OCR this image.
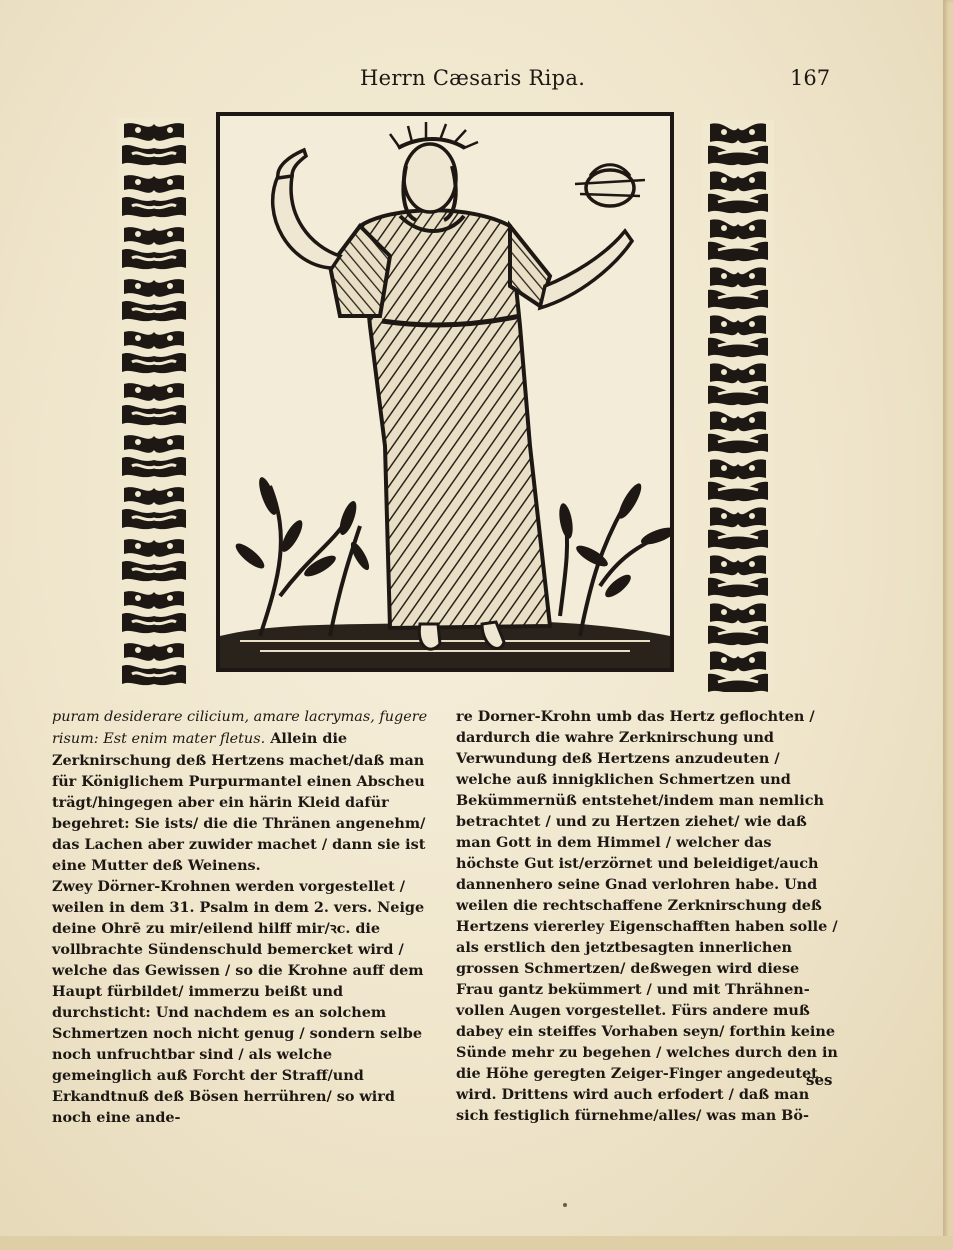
Herrn Cæsaris Ripa.	167

puram desiderare cilicium, amare lacrymas, fugere
risum: Est enim mater fletus. Allein die Zerknirschung deß Hertzens machet/daß man für Königlichem Purpurmantel einen Abscheu trägt/hingegen aber ein härin Kleid dafür begehret: Sie ists/ die die Thränen angenehm/ das Lachen aber zuwider machet / dann sie ist eine Mutter deß Weinens.

Zwey Dörner-Krohnen werden vorgestellet / weilen in dem 31. Psalm in dem 2. vers. Neige deine Ohrē zu mir/eilend hilff mir/ꝛc. die vollbrachte Sündenschuld bemercket wird / welche das Gewissen / so die Krohne auff dem Haupt fürbildet/ immerzu beißt und durchsticht: Und nachdem es an solchem Schmertzen noch nicht genug / sondern selbe noch unfruchtbar sind / als welche gemeinglich auß Forcht der Straff/und Erkandtnuß deß Bösen herrühren/ so wird noch eine ande-

re Dorner-Krohn umb das Hertz geflochten / dardurch die wahre Zerknirschung und Verwundung deß Hertzens anzudeuten / welche auß innigklichen Schmertzen und Bekümmernüß entstehet/indem man nemlich betrachtet / und zu Hertzen ziehet/ wie daß man Gott in dem Himmel / welcher das höchste Gut ist/erzörnet und beleidiget/auch dannenhero seine Gnad verlohren habe. Und weilen die rechtschaffene Zerknirschung deß Hertzens viererley Eigenschafften haben solle / als erstlich den jetztbesagten innerlichen grossen Schmertzen/ deßwegen wird diese Frau gantz bekümmert / und mit Thrähnen-vollen Augen vorgestellet. Fürs andere muß dabey ein steiffes Vorhaben seyn/ forthin keine Sünde mehr zu begehen / welches durch den in die Höhe geregten Zeiger-Finger angedeutet wird. Drittens wird auch erfodert / daß man sich festiglich fürnehme/alles/ was man Bö-

ses
